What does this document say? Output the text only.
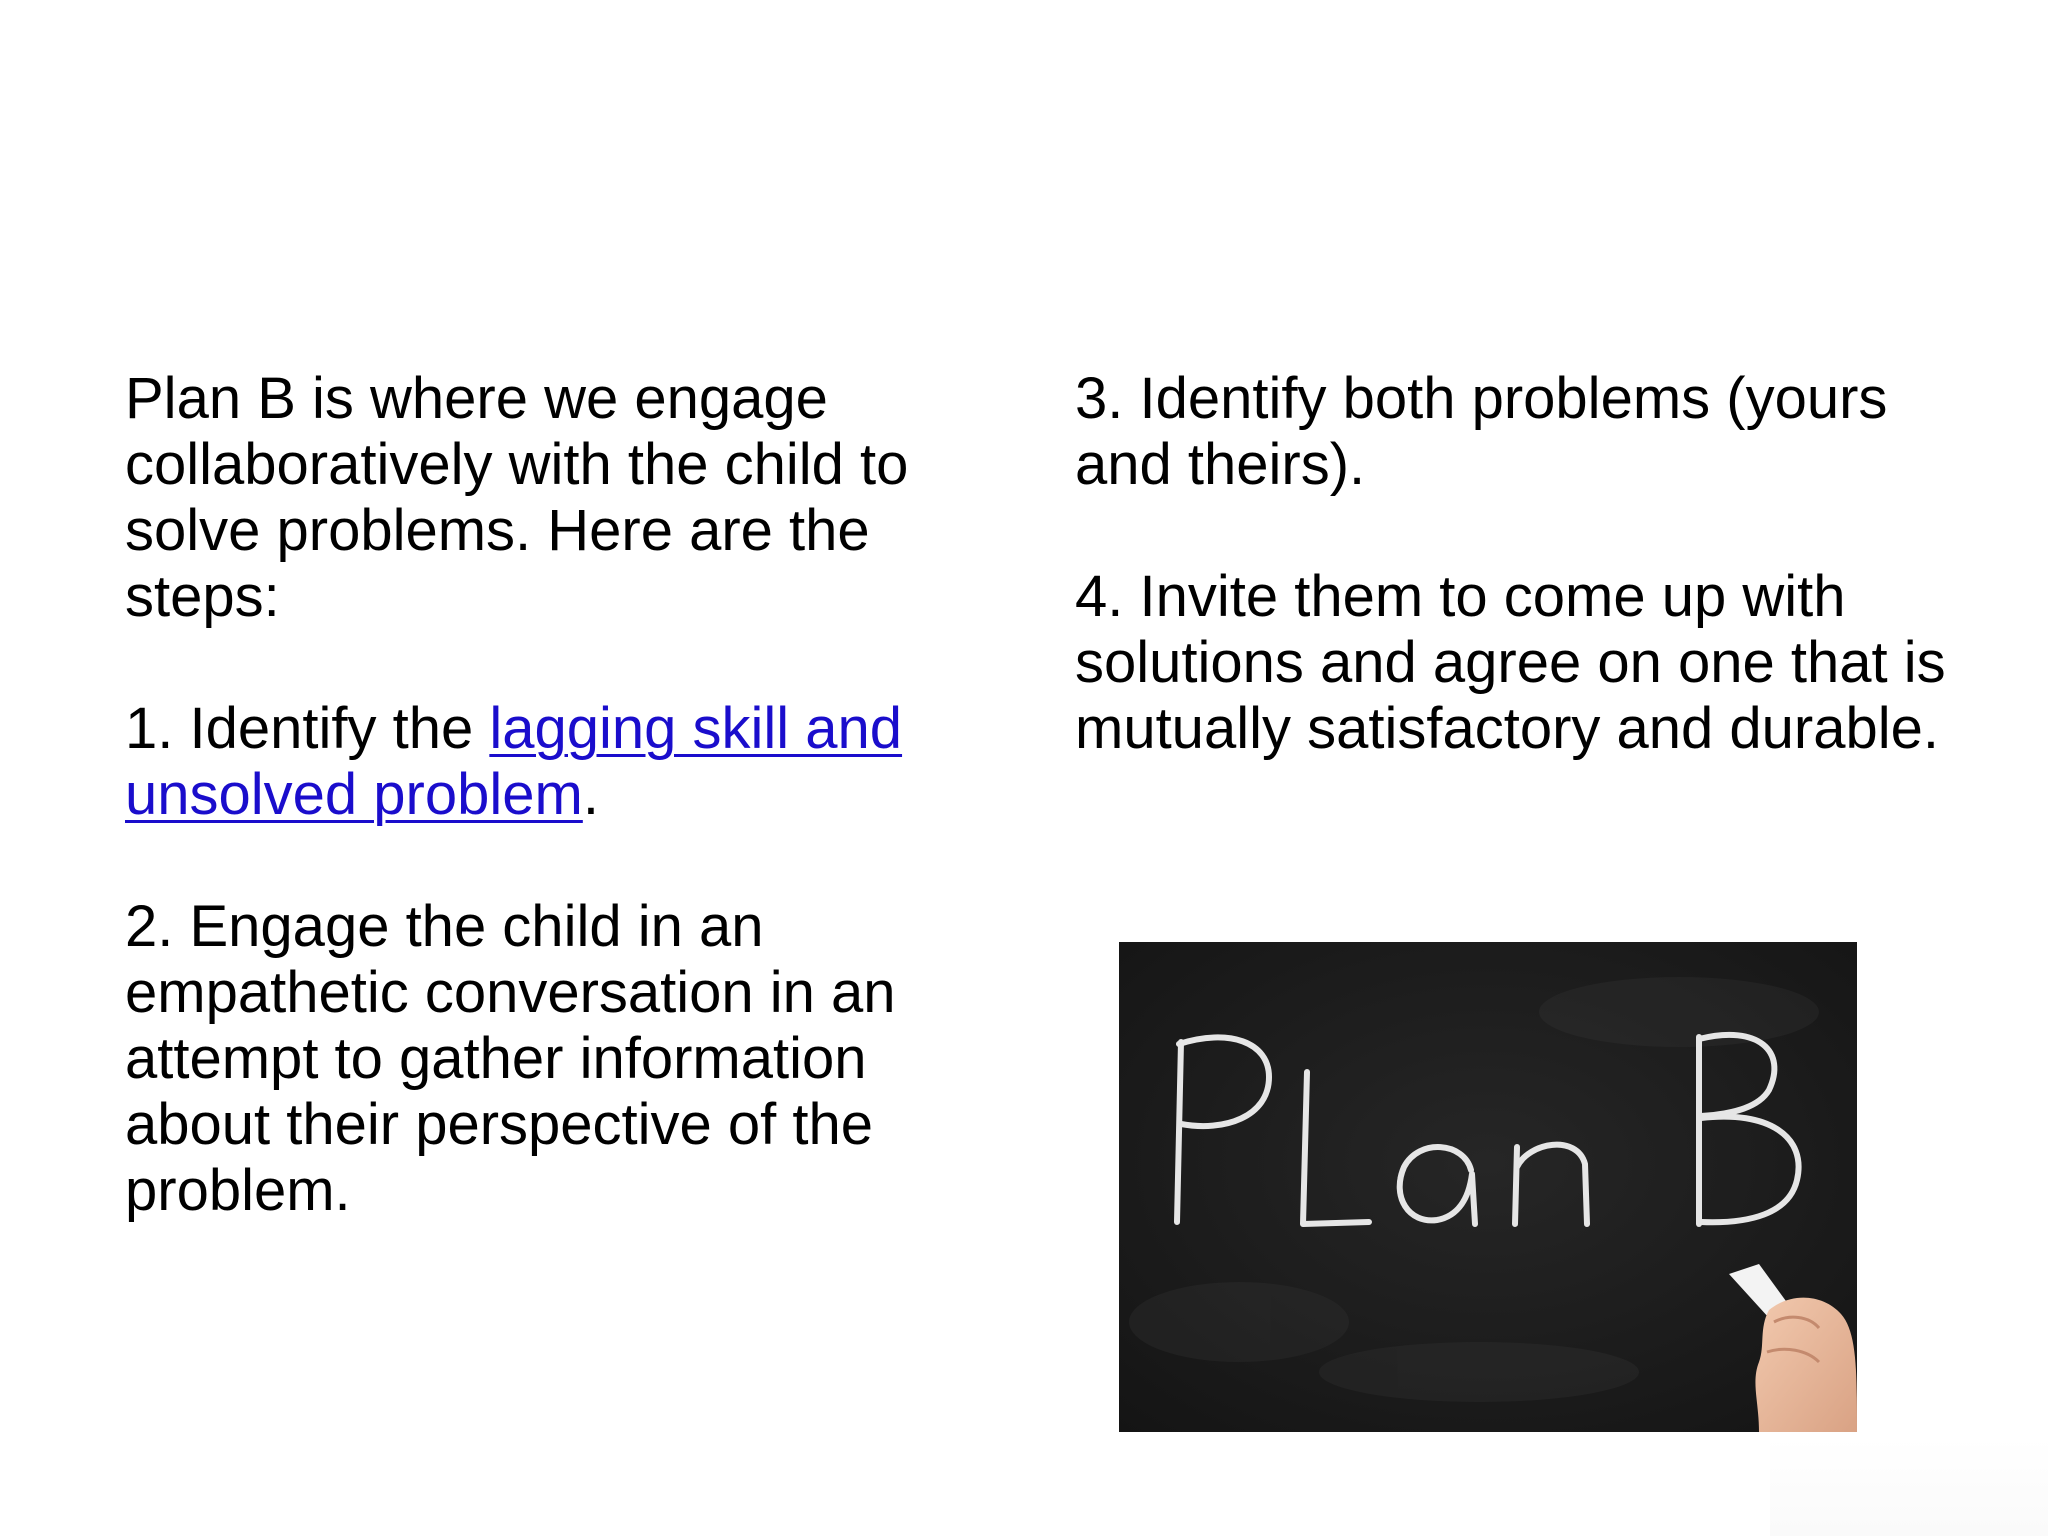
Plan B is where we engage collaboratively with the child to solve problems. Here are the steps:
1. Identify the lagging skill and unsolved problem.
2. Engage the child in an empathetic conversation in an attempt to gather information about their perspective of the problem.
3. Identify both problems (yours and theirs).
4. Invite them to come up with solutions and agree on one that is mutually satisfactory and durable.
